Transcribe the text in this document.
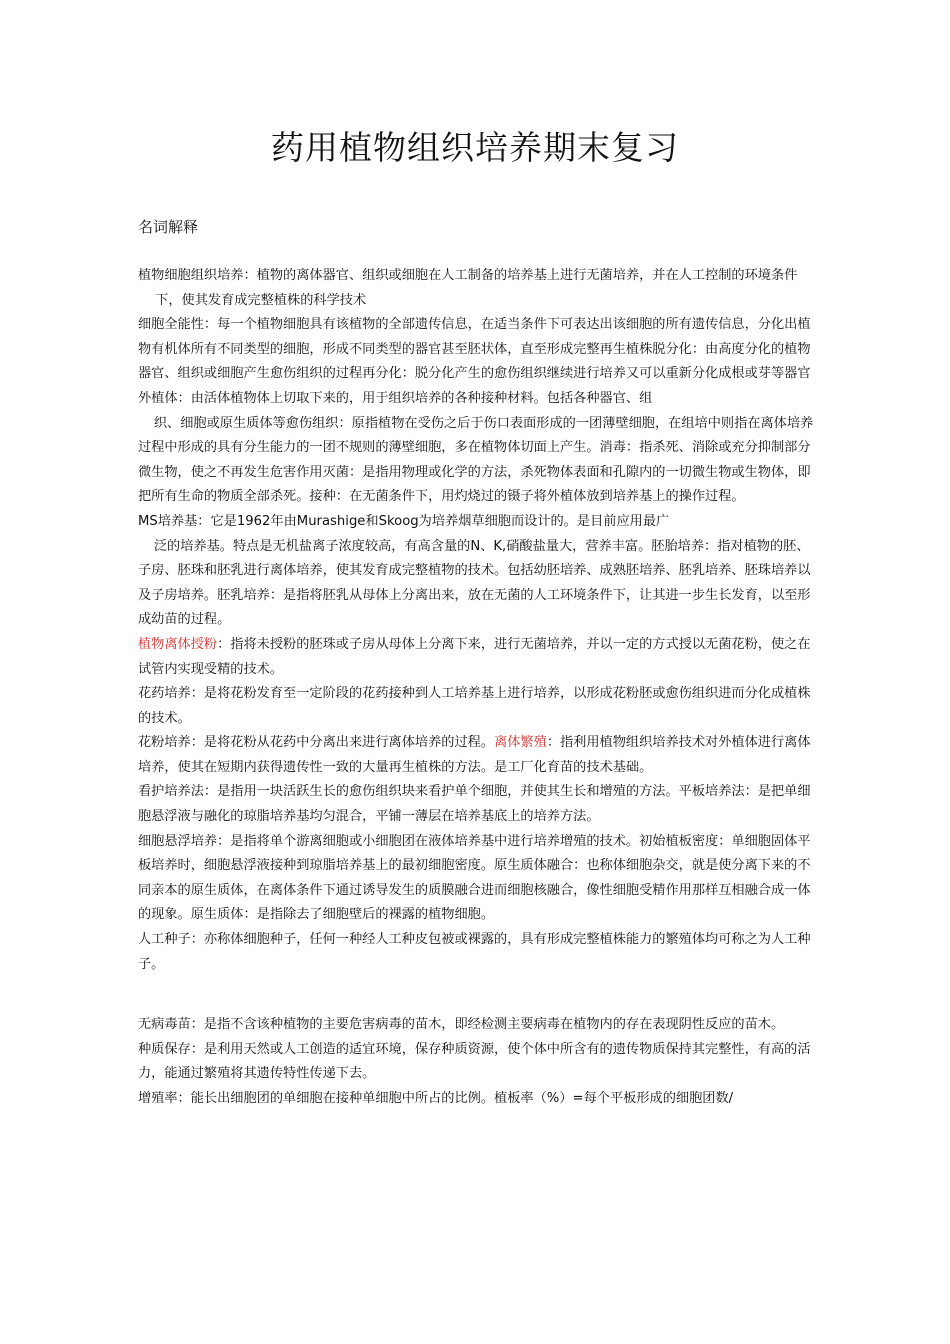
药用植物组织培养期末复习
名词解释

植物细胞组织培养：植物的离体器官、组织或细胞在人工制备的培养基上进行无菌培养，并在人工控制的环境条件下，使其发育成完整植株的科学技术

细胞全能性：每一个植物细胞具有该植物的全部遗传信息，在适当条件下可表达出该细胞的所有遗传信息，分化出植物有机体所有不同类型的细胞，形成不同类型的器官甚至胚状体，直至形成完整再生植株脱分化：由高度分化的植物器官、组织或细胞产生愈伤组织的过程再分化：脱分化产生的愈伤组织继续进行培养又可以重新分化成根或芽等器官外植体：由活体植物体上切取下来的，用于组织培养的各种接种材料。包括各种器官、组

织、细胞或原生质体等愈伤组织：原指植物在受伤之后于伤口表面形成的一团薄壁细胞，在组培中则指在离体培养过程中形成的具有分生能力的一团不规则的薄壁细胞，多在植物体切面上产生。消毒：指杀死、消除或充分抑制部分微生物，使之不再发生危害作用灭菌：是指用物理或化学的方法，杀死物体表面和孔隙内的一切微生物或生物体，即把所有生命的物质全部杀死。接种：在无菌条件下，用灼烧过的镊子将外植体放到培养基上的操作过程。

MS培养基：它是1962年由Murashige和Skoog为培养烟草细胞而设计的。是目前应用最广

泛的培养基。特点是无机盐离子浓度较高，有高含量的N、K,硝酸盐量大，营养丰富。胚胎培养：指对植物的胚、子房、胚珠和胚乳进行离体培养，使其发育成完整植物的技术。包括幼胚培养、成熟胚培养、胚乳培养、胚珠培养以及子房培养。胚乳培养：是指将胚乳从母体上分离出来，放在无菌的人工环境条件下，让其进一步生长发育，以至形成幼苗的过程。

植物离体授粉：指将未授粉的胚珠或子房从母体上分离下来，进行无菌培养，并以一定的方式授以无菌花粉，使之在试管内实现受精的技术。

花药培养：是将花粉发育至一定阶段的花药接种到人工培养基上进行培养，以形成花粉胚或愈伤组织进而分化成植株的技术。

花粉培养：是将花粉从花药中分离出来进行离体培养的过程。离体繁殖：指利用植物组织培养技术对外植体进行离体培养，使其在短期内获得遗传性一致的大量再生植株的方法。是工厂化育苗的技术基础。

看护培养法：是指用一块活跃生长的愈伤组织块来看护单个细胞，并使其生长和增殖的方法。平板培养法：是把单细胞悬浮液与融化的琼脂培养基均匀混合，平铺一薄层在培养基底上的培养方法。

细胞悬浮培养：是指将单个游离细胞或小细胞团在液体培养基中进行培养增殖的技术。初始植板密度：单细胞固体平板培养时，细胞悬浮液接种到琼脂培养基上的最初细胞密度。原生质体融合：也称体细胞杂交，就是使分离下来的不同亲本的原生质体，在离体条件下通过诱导发生的质膜融合进而细胞核融合，像性细胞受精作用那样互相融合成一体的现象。原生质体：是指除去了细胞壁后的裸露的植物细胞。

人工种子：亦称体细胞种子，任何一种经人工种皮包被或裸露的，具有形成完整植株能力的繁殖体均可称之为人工种子。

无病毒苗：是指不含该种植物的主要危害病毒的苗木，即经检测主要病毒在植物内的存在表现阴性反应的苗木。

种质保存：是利用天然或人工创造的适宜环境，保存种质资源，使个体中所含有的遗传物质保持其完整性，有高的活力，能通过繁殖将其遗传特性传递下去。

增殖率：能长出细胞团的单细胞在接种单细胞中所占的比例。植板率（%）=每个平板形成的细胞团数/
